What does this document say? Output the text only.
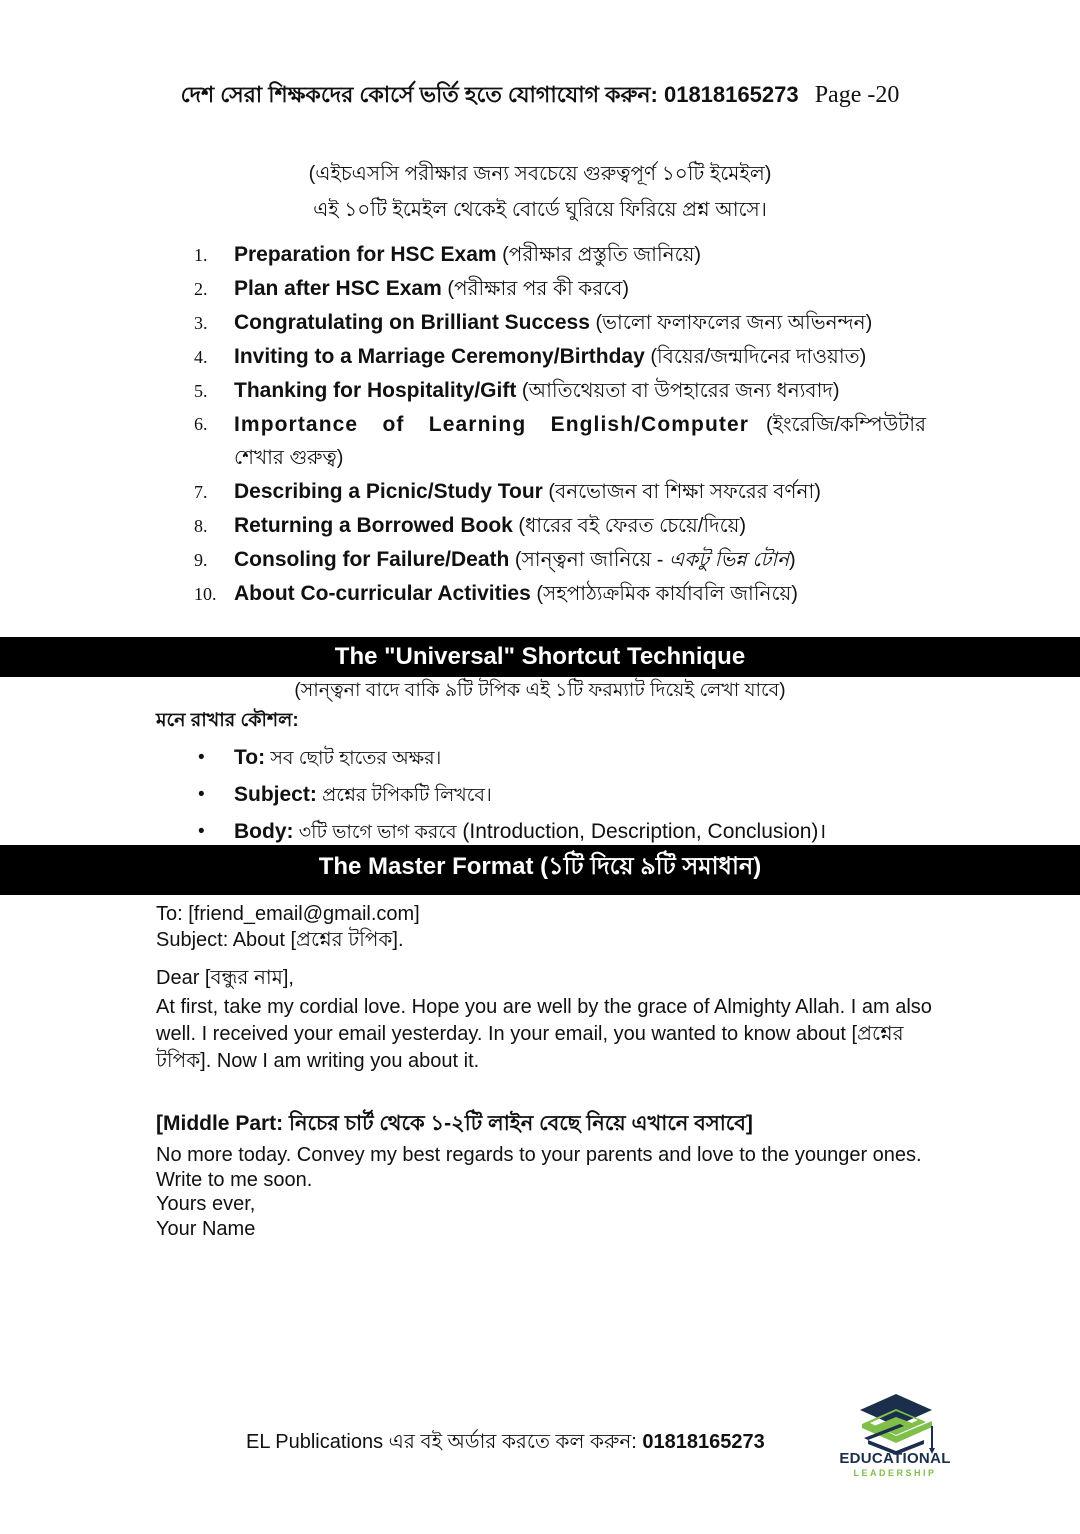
দেশ সেরা শিক্ষকদের কোর্সে ভর্তি হতে যোগাযোগ করুন: 01818165273 Page -20
(এইচএসসি পরীক্ষার জন্য সবচেয়ে গুরুত্বপূর্ণ ১০টি ইমেইল)
এই ১০টি ইমেইল থেকেই বোর্ডে ঘুরিয়ে ফিরিয়ে প্রশ্ন আসে।
1. Preparation for HSC Exam (পরীক্ষার প্রস্তুতি জানিয়ে)
2. Plan after HSC Exam (পরীক্ষার পর কী করবে)
3. Congratulating on Brilliant Success (ভালো ফলাফলের জন্য অভিনন্দন)
4. Inviting to a Marriage Ceremony/Birthday (বিয়ের/জন্মদিনের দাওয়াত)
5. Thanking for Hospitality/Gift (আতিথেয়তা বা উপহারের জন্য ধন্যবাদ)
6. Importance of Learning English/Computer (ইংরেজি/কম্পিউটার শেখার গুরুত্ব)
7. Describing a Picnic/Study Tour (বনভোজন বা শিক্ষা সফরের বর্ণনা)
8. Returning a Borrowed Book (ধারের বই ফেরত চেয়ে/দিয়ে)
9. Consoling for Failure/Death (সান্ত্বনা জানিয়ে - একটু ভিন্ন টোন)
10. About Co-curricular Activities (সহপাঠ্যক্রমিক কার্যাবলি জানিয়ে)
The "Universal" Shortcut Technique
(সান্ত্বনা বাদে বাকি ৯টি টপিক এই ১টি ফরম্যাট দিয়েই লেখা যাবে)
মনে রাখার কৌশল:
• To: সব ছোট হাতের অক্ষর।
• Subject: প্রশ্নের টপিকটি লিখবে।
• Body: ৩টি ভাগে ভাগ করবে (Introduction, Description, Conclusion)।
The Master Format (১টি দিয়ে ৯টি সমাধান)

To: [friend_email@gmail.com]

Subject: About [প্রশ্নের টপিক].

Dear [বন্ধুর নাম],
At first, take my cordial love. Hope you are well by the grace of Almighty Allah. I am also well. I received your email yesterday. In your email, you wanted to know about [প্রশ্নের টপিক]. Now I am writing you about it.
[Middle Part: নিচের চার্ট থেকে ১-২টি লাইন বেছে নিয়ে এখানে বসাবে]

No more today. Convey my best regards to your parents and love to the younger ones. Write to me soon.

Yours ever,

Your Name

EL Publications এর বই অর্ডার করতে কল করুন: 01818165273
EDUCATIONAL
LEADERSHIP
